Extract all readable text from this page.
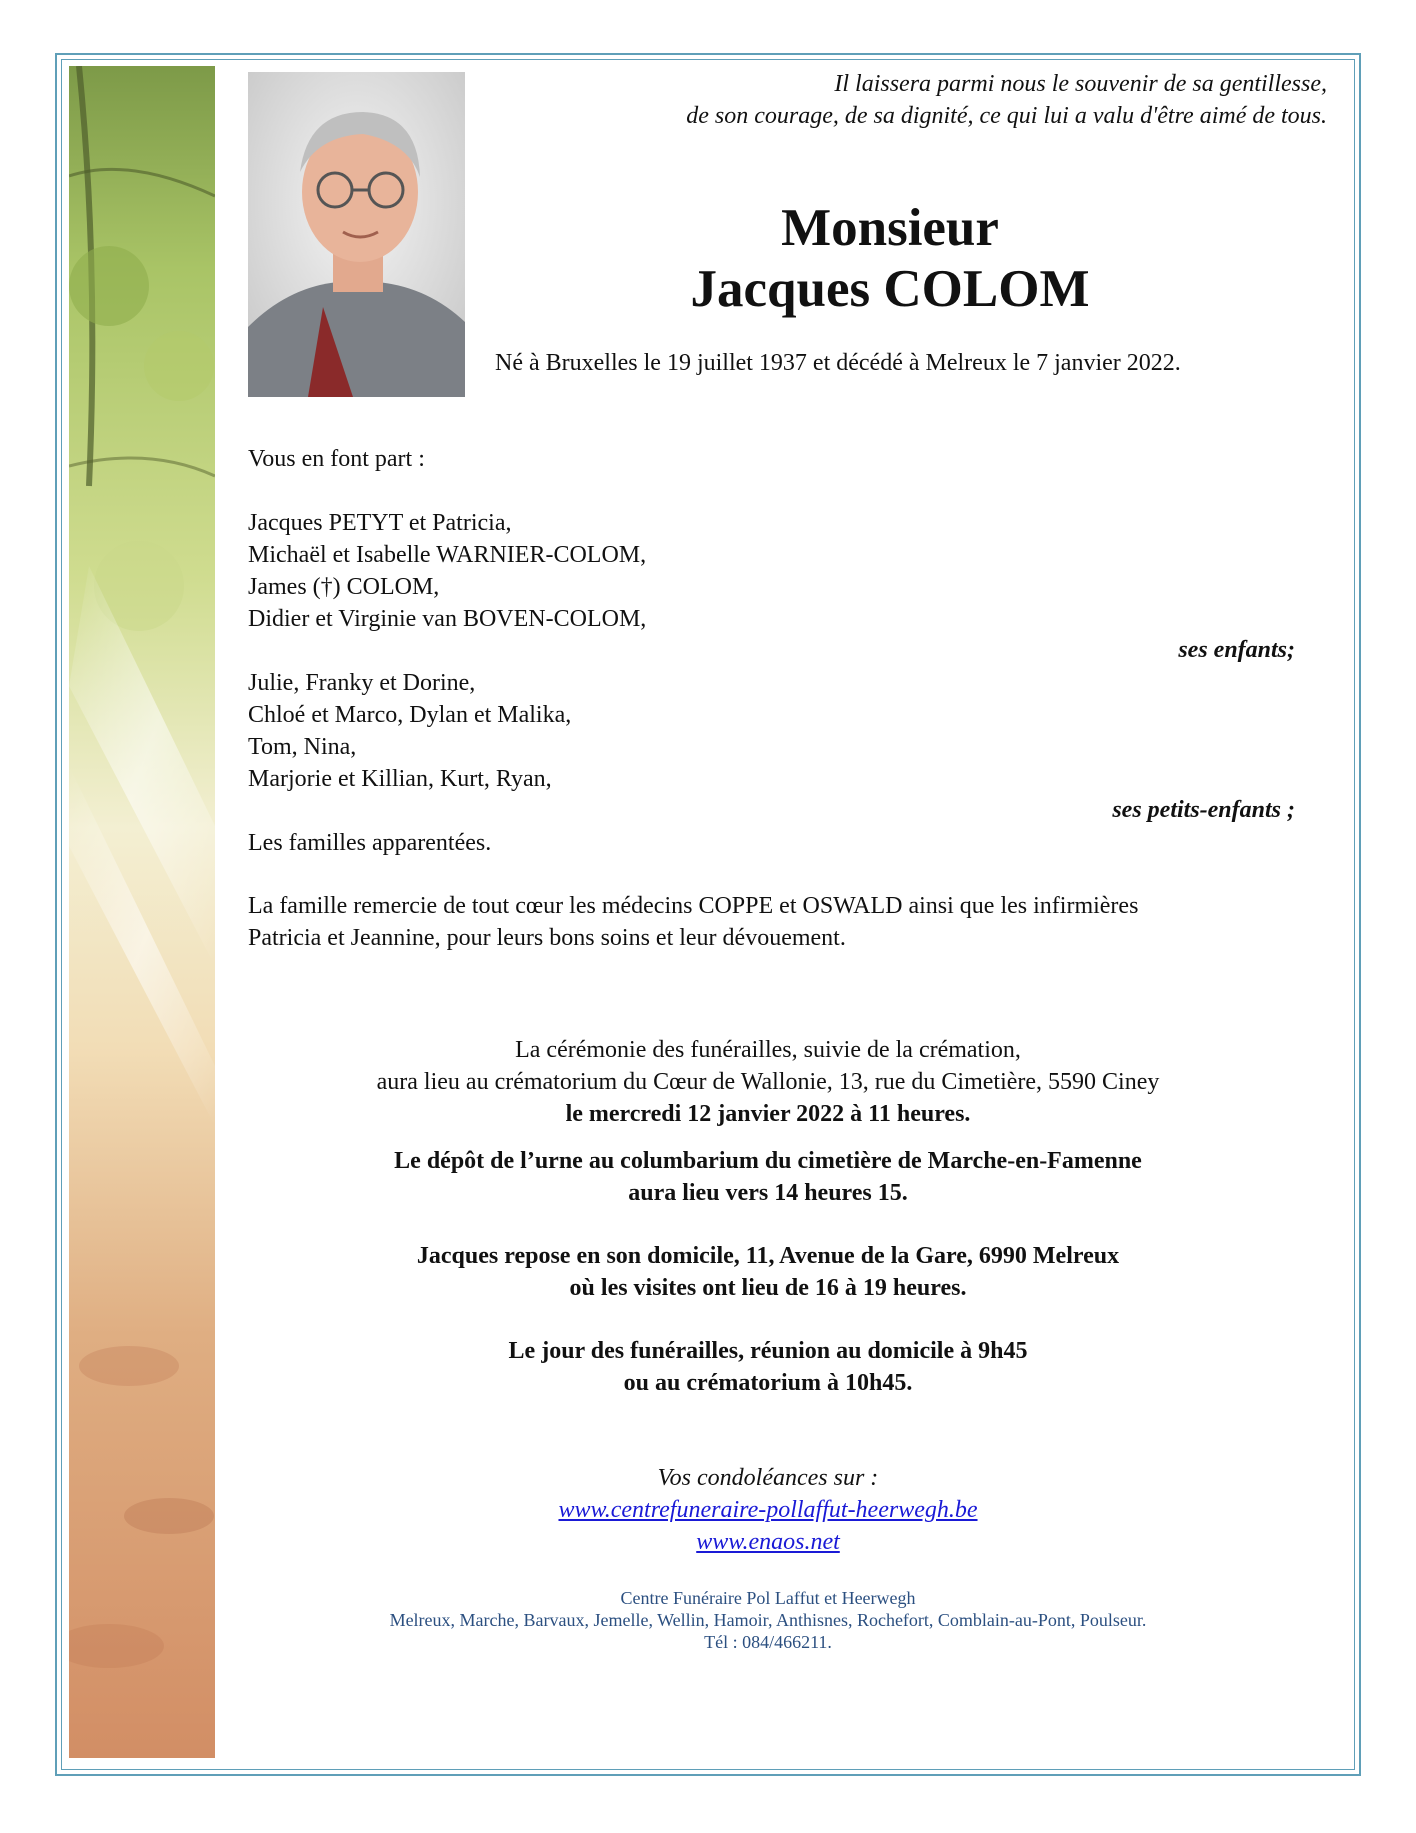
Il laissera parmi nous le souvenir de sa gentillesse,
de son courage, de sa dignité, ce qui lui a valu d'être aimé de tous.
Monsieur
Jacques COLOM
Né à Bruxelles le 19 juillet 1937 et décédé à Melreux le 7 janvier 2022.
Vous en font part :
Jacques PETYT et Patricia,
Michaël et Isabelle WARNIER-COLOM,
James (†) COLOM,
Didier et Virginie van BOVEN-COLOM,
ses enfants;
Julie, Franky et Dorine,
Chloé et Marco, Dylan et Malika,
Tom, Nina,
Marjorie et Killian, Kurt, Ryan,
ses petits-enfants ;
Les familles apparentées.
La famille remercie de tout cœur les médecins COPPE et OSWALD ainsi que les infirmières
Patricia et Jeannine, pour leurs bons soins et leur dévouement.
La cérémonie des funérailles, suivie de la crémation,
aura lieu au crématorium du Cœur de Wallonie, 13, rue du Cimetière, 5590 Ciney
le mercredi 12 janvier 2022 à 11 heures.
Le dépôt de l’urne au columbarium du cimetière de Marche-en-Famenne
aura lieu vers 14 heures 15.
Jacques repose en son domicile, 11, Avenue de la Gare, 6990 Melreux
où les visites ont lieu de 16 à 19 heures.
Le jour des funérailles, réunion au domicile à 9h45
ou au crématorium à 10h45.
Vos condoléances sur :
www.centrefuneraire-pollaffut-heerwegh.be
www.enaos.net
Centre Funéraire Pol Laffut et Heerwegh
Melreux, Marche, Barvaux, Jemelle, Wellin, Hamoir, Anthisnes, Rochefort, Comblain-au-Pont, Poulseur.
Tél : 084/466211.
